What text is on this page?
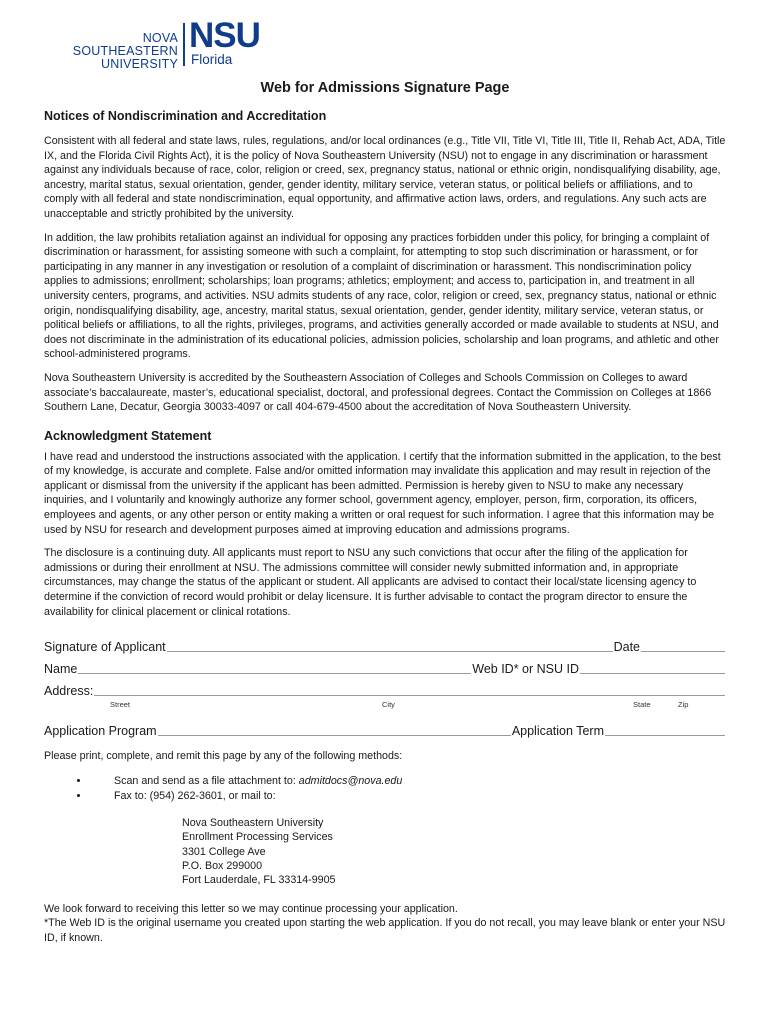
NOVA SOUTHEASTERN
UNIVERSITY
NSU
Florida
Web for Admissions Signature Page
Notices of Nondiscrimination and Accreditation

Consistent with all federal and state laws, rules, regulations, and/or local ordinances (e.g., Title VII, Title VI, Title III, Title II, Rehab Act, ADA, Title IX, and the Florida Civil Rights Act), it is the policy of Nova Southeastern University (NSU) not to engage in any discrimination or harassment against any individuals because of race, color, religion or creed, sex, pregnancy status, national or ethnic origin, nondisqualifying disability, age, ancestry, marital status, sexual orientation, gender, gender identity, military service, veteran status, or political beliefs or affiliations, and to comply with all federal and state nondiscrimination, equal opportunity, and affirmative action laws, orders, and regulations. Any such acts are unacceptable and strictly prohibited by the university.

In addition, the law prohibits retaliation against an individual for opposing any practices forbidden under this policy, for bringing a complaint of discrimination or harassment, for assisting someone with such a complaint, for attempting to stop such discrimination or harassment, or for participating in any manner in any investigation or resolution of a complaint of discrimination or harassment. This nondiscrimination policy applies to admissions; enrollment; scholarships; loan programs; athletics; employment; and access to, participation in, and treatment in all university centers, programs, and activities. NSU admits students of any race, color, religion or creed, sex, pregnancy status, national or ethnic origin, nondisqualifying disability, age, ancestry, marital status, sexual orientation, gender, gender identity, military service, veteran status, or political beliefs or affiliations, to all the rights, privileges, programs, and activities generally accorded or made available to students at NSU, and does not discriminate in the administration of its educational policies, admission policies, scholarship and loan programs, and athletic and other school-administered programs.

Nova Southeastern University is accredited by the Southeastern Association of Colleges and Schools Commission on Colleges to award associate’s baccalaureate, master’s, educational specialist, doctoral, and professional degrees. Contact the Commission on Colleges at 1866 Southern Lane, Decatur, Georgia 30033-4097 or call 404-679-4500 about the accreditation of Nova Southeastern University.

Acknowledgment Statement

I have read and understood the instructions associated with the application. I certify that the information submitted in the application, to the best of my knowledge, is accurate and complete. False and/or omitted information may invalidate this application and may result in rejection of the applicant or dismissal from the university if the applicant has been admitted. Permission is hereby given to NSU to make any necessary inquiries, and I voluntarily and knowingly authorize any former school, government agency, employer, person, firm, corporation, its officers, employees and agents, or any other person or entity making a written or oral request for such information. I agree that this information may be used by NSU for research and development purposes aimed at improving education and admissions programs.

The disclosure is a continuing duty. All applicants must report to NSU any such convictions that occur after the filing of the application for admissions or during their enrollment at NSU. The admissions committee will consider newly submitted information and, in appropriate circumstances, may change the status of the applicant or student. All applicants are advised to contact their local/state licensing agency to determine if the conviction of record would prohibit or delay licensure. It is further advisable to contact the program director to ensure the availability for clinical placement or clinical rotations.

Signature of Applicant	Date
Name	Web ID* or NSU ID
Address:
Street	City	State	Zip
Application Program	Application Term

Please print, complete, and remit this page by any of the following methods:

• Scan and send as a file attachment to: admitdocs@nova.edu
• Fax to: (954) 262-3601, or mail to:
Nova Southeastern University
Enrollment Processing Services
3301 College Ave
P.O. Box 299000
Fort Lauderdale, FL 33314-9905

We look forward to receiving this letter so we may continue processing your application.

*The Web ID is the original username you created upon starting the web application. If you do not recall, you may leave blank or enter your NSU ID, if known.
